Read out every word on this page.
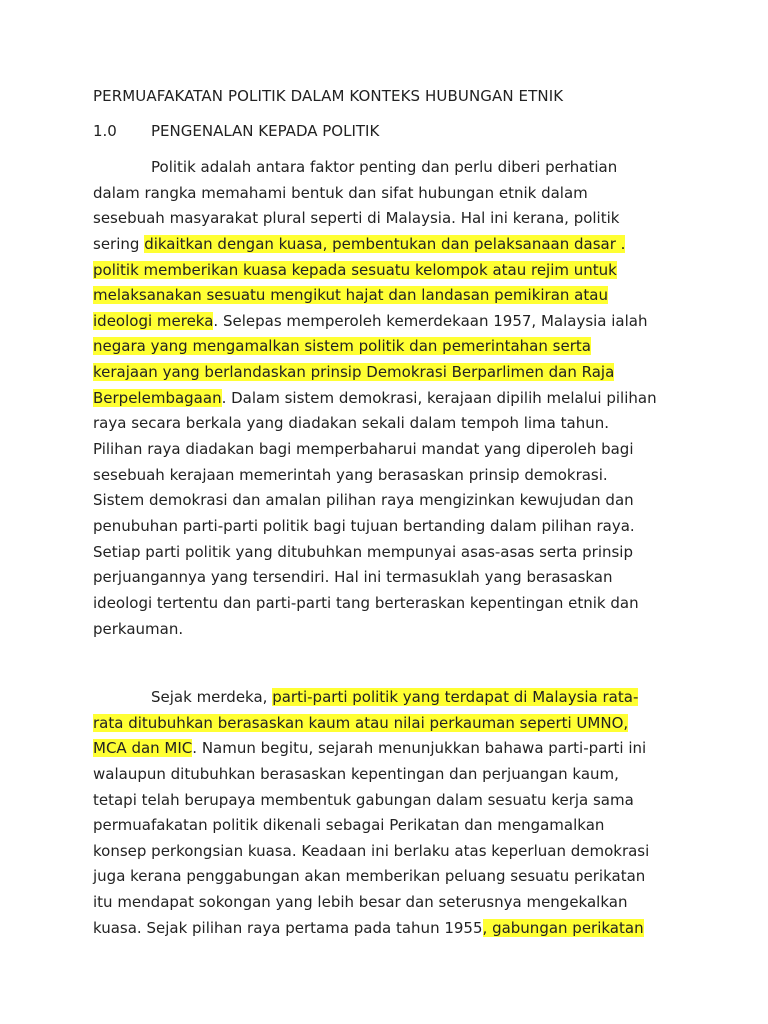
PERMUAFAKATAN POLITIK DALAM KONTEKS HUBUNGAN ETNIK
1.0 PENGENALAN KEPADA POLITIK
Politik adalah antara faktor penting dan perlu diberi perhatian
dalam rangka memahami bentuk dan sifat hubungan etnik dalam
sesebuah masyarakat plural seperti di Malaysia. Hal ini kerana, politik
sering dikaitkan dengan kuasa, pembentukan dan pelaksanaan dasar .
politik memberikan kuasa kepada sesuatu kelompok atau rejim untuk
melaksanakan sesuatu mengikut hajat dan landasan pemikiran atau
ideologi mereka. Selepas memperoleh kemerdekaan 1957, Malaysia ialah
negara yang mengamalkan sistem politik dan pemerintahan serta
kerajaan yang berlandaskan prinsip Demokrasi Berparlimen dan Raja
Berpelembagaan. Dalam sistem demokrasi, kerajaan dipilih melalui pilihan
raya secara berkala yang diadakan sekali dalam tempoh lima tahun.
Pilihan raya diadakan bagi memperbaharui mandat yang diperoleh bagi
sesebuah kerajaan memerintah yang berasaskan prinsip demokrasi.
Sistem demokrasi dan amalan pilihan raya mengizinkan kewujudan dan
penubuhan parti-parti politik bagi tujuan bertanding dalam pilihan raya.
Setiap parti politik yang ditubuhkan mempunyai asas-asas serta prinsip
perjuangannya yang tersendiri. Hal ini termasuklah yang berasaskan
ideologi tertentu dan parti-parti tang berteraskan kepentingan etnik dan
perkauman.
Sejak merdeka, parti-parti politik yang terdapat di Malaysia rata-
rata ditubuhkan berasaskan kaum atau nilai perkauman seperti UMNO,
MCA dan MIC. Namun begitu, sejarah menunjukkan bahawa parti-parti ini
walaupun ditubuhkan berasaskan kepentingan dan perjuangan kaum,
tetapi telah berupaya membentuk gabungan dalam sesuatu kerja sama
permuafakatan politik dikenali sebagai Perikatan dan mengamalkan
konsep perkongsian kuasa. Keadaan ini berlaku atas keperluan demokrasi
juga kerana penggabungan akan memberikan peluang sesuatu perikatan
itu mendapat sokongan yang lebih besar dan seterusnya mengekalkan
kuasa. Sejak pilihan raya pertama pada tahun 1955, gabungan perikatan
